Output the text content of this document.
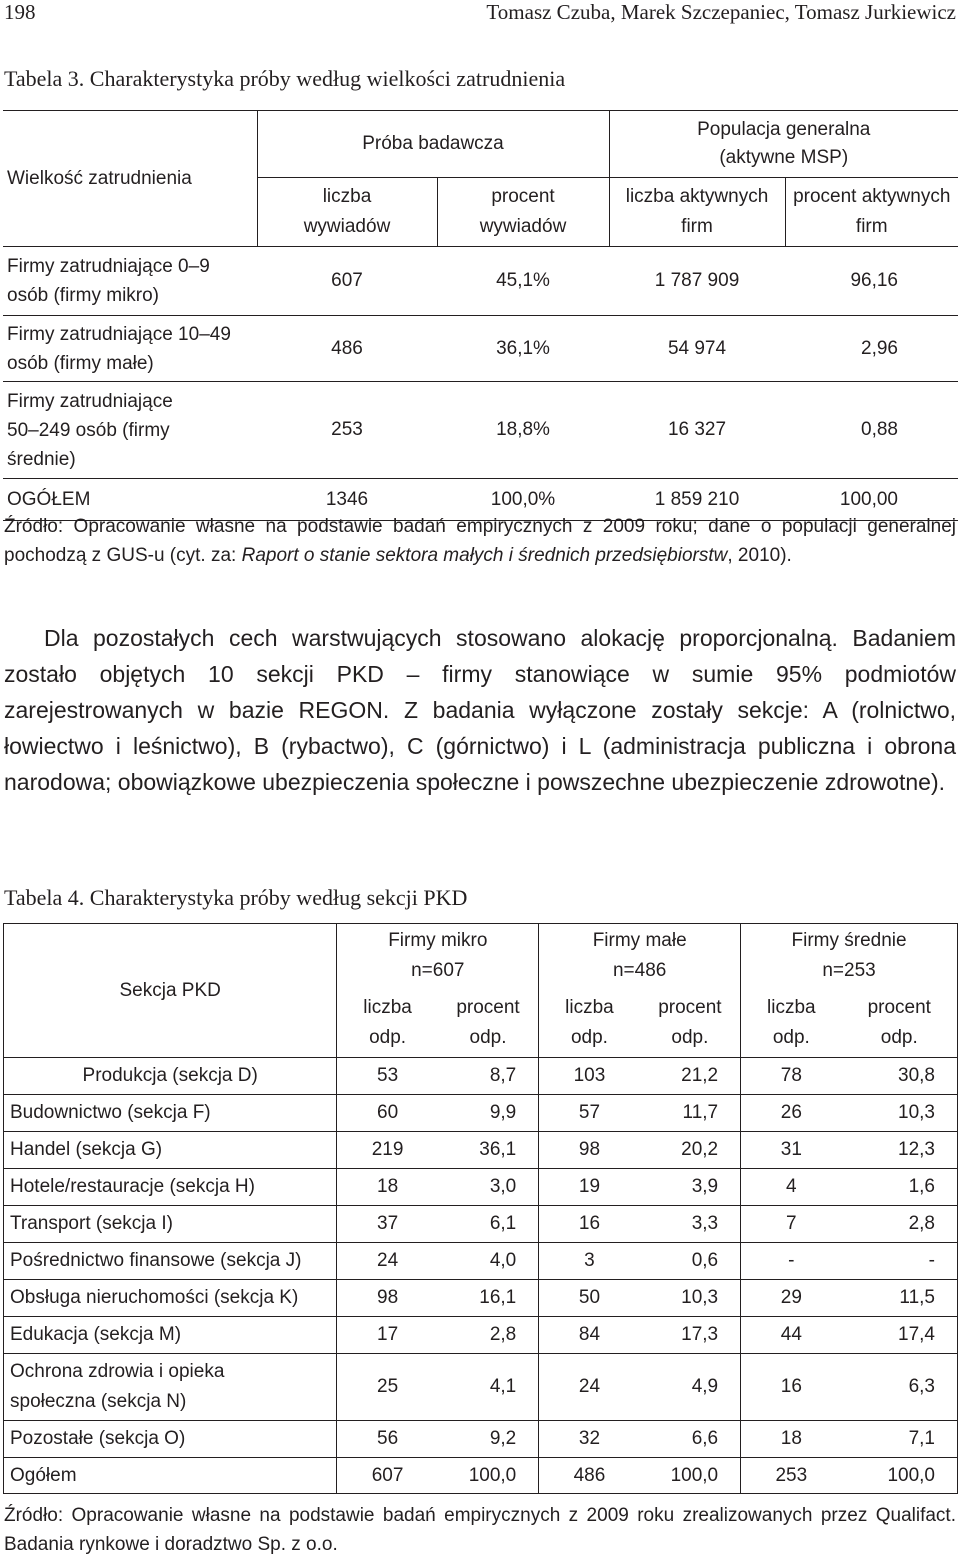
198	Tomasz Czuba, Marek Szczepaniec, Tomasz Jurkiewicz
Tabela 3. Charakterystyka próby według wielkości zatrudnienia
Wielkość zatrudnienia	Próba badawcza		Populacja generalna (aktywne MSP)	
	liczba wywiadów	procent wywiadów	liczba aktywnych firm	procent aktywnych firm
Firmy zatrudniające 0–9 osób (firmy mikro)	607	45,1%	1 787 909	96,16
Firmy zatrudniające 10–49 osób (firmy małe)	486	36,1%	54 974	2,96
Firmy zatrudniające 50–249 osób (firmy średnie)	253	18,8%	16 327	0,88
OGÓŁEM	1346	100,0%	1 859 210	100,00
Źródło: Opracowanie własne na podstawie badań empirycznych z 2009 roku; dane o populacji generalnej pochodzą z GUS-u (cyt. za: Raport o stanie sektora małych i średnich przedsiębiorstw, 2010).

Dla pozostałych cech warstwujących stosowano alokację proporcjonalną. Badaniem zostało objętych 10 sekcji PKD – firmy stanowiące w sumie 95% podmiotów zarejestrowanych w bazie REGON. Z badania wyłączone zostały sekcje: A (rolnictwo, łowiectwo i leśnictwo), B (rybactwo), C (górnictwo) i L (administracja publiczna i obrona narodowa; obowiązkowe ubezpieczenia społeczne i powszechne ubezpieczenie zdrowotne).

Tabela 4. Charakterystyka próby według sekcji PKD
Sekcja PKD	Firmy mikro n=607		Firmy małe n=486		Firmy średnie n=253	
	liczba odp.	procent odp.	liczba odp.	procent odp.	liczba odp.	procent odp.
Produkcja (sekcja D)	53	8,7	103	21,2	78	30,8
Budownictwo (sekcja F)	60	9,9	57	11,7	26	10,3
Handel (sekcja G)	219	36,1	98	20,2	31	12,3
Hotele/restauracje (sekcja H)	18	3,0	19	3,9	4	1,6
Transport (sekcja I)	37	6,1	16	3,3	7	2,8
Pośrednictwo finansowe (sekcja J)	24	4,0	3	0,6	-	-
Obsługa nieruchomości (sekcja K)	98	16,1	50	10,3	29	11,5
Edukacja (sekcja M)	17	2,8	84	17,3	44	17,4
Ochrona zdrowia i opieka społeczna (sekcja N)	25	4,1	24	4,9	16	6,3
Pozostałe (sekcja O)	56	9,2	32	6,6	18	7,1
Ogółem	607	100,0	486	100,0	253	100,0
Źródło: Opracowanie własne na podstawie badań empirycznych z 2009 roku zrealizowanych przez Qualifact. Badania rynkowe i doradztwo Sp. z o.o.
